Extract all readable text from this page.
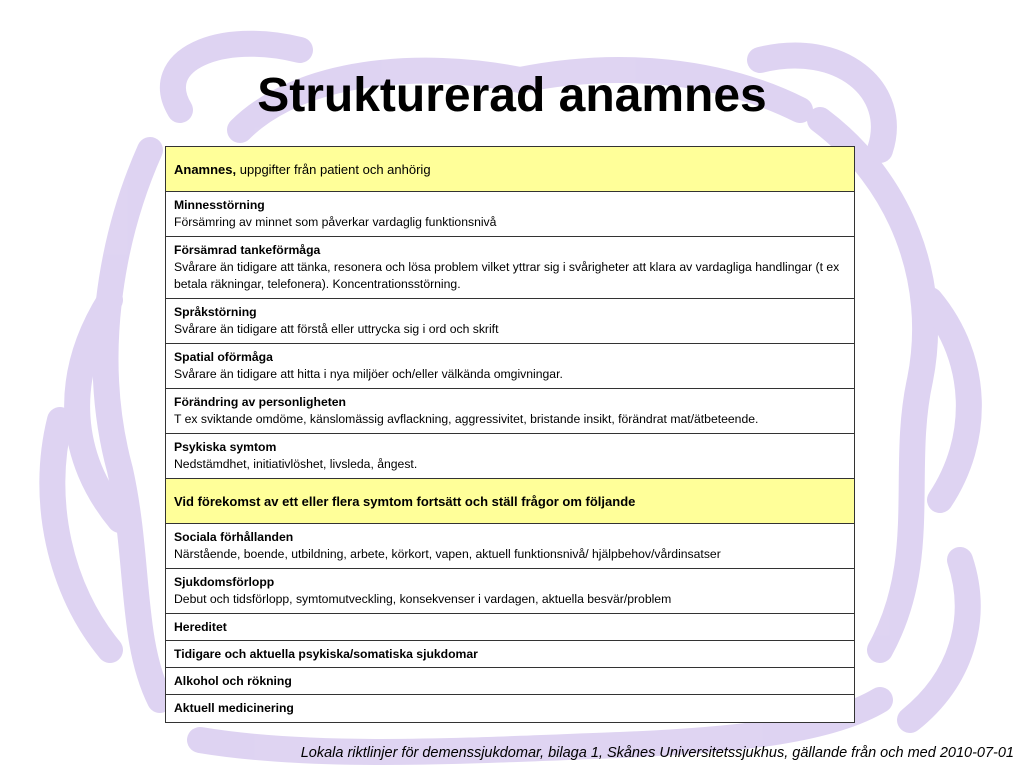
Strukturerad anamnes
Anamnes, uppgifter från patient och anhörig
Minnesstörning
Försämring av minnet som påverkar vardaglig funktionsnivå
Försämrad tankeförmåga
Svårare än tidigare att tänka, resonera och lösa problem vilket yttrar sig i svårigheter att klara av vardagliga handlingar (t ex betala räkningar, telefonera). Koncentrationsstörning.
Språkstörning
Svårare än tidigare att förstå eller uttrycka sig i ord och skrift
Spatial oförmåga
Svårare än tidigare att hitta i nya miljöer och/eller välkända omgivningar.
Förändring av personligheten
T ex sviktande omdöme, känslomässig avflackning, aggressivitet, bristande insikt, förändrat mat/ätbeteende.
Psykiska symtom
Nedstämdhet, initiativlöshet, livsleda, ångest.
Vid förekomst av ett eller flera symtom fortsätt och ställ frågor om följande
Sociala förhållanden
Närstående, boende, utbildning, arbete, körkort, vapen, aktuell funktionsnivå/ hjälpbehov/vårdinsatser
Sjukdomsförlopp
Debut och tidsförlopp, symtomutveckling, konsekvenser i vardagen, aktuella besvär/problem
Hereditet
Tidigare och aktuella psykiska/somatiska sjukdomar
Alkohol och rökning
Aktuell medicinering
Lokala riktlinjer för demenssjukdomar, bilaga 1, Skånes Universitetssjukhus, gällande från och med 2010-07-01
